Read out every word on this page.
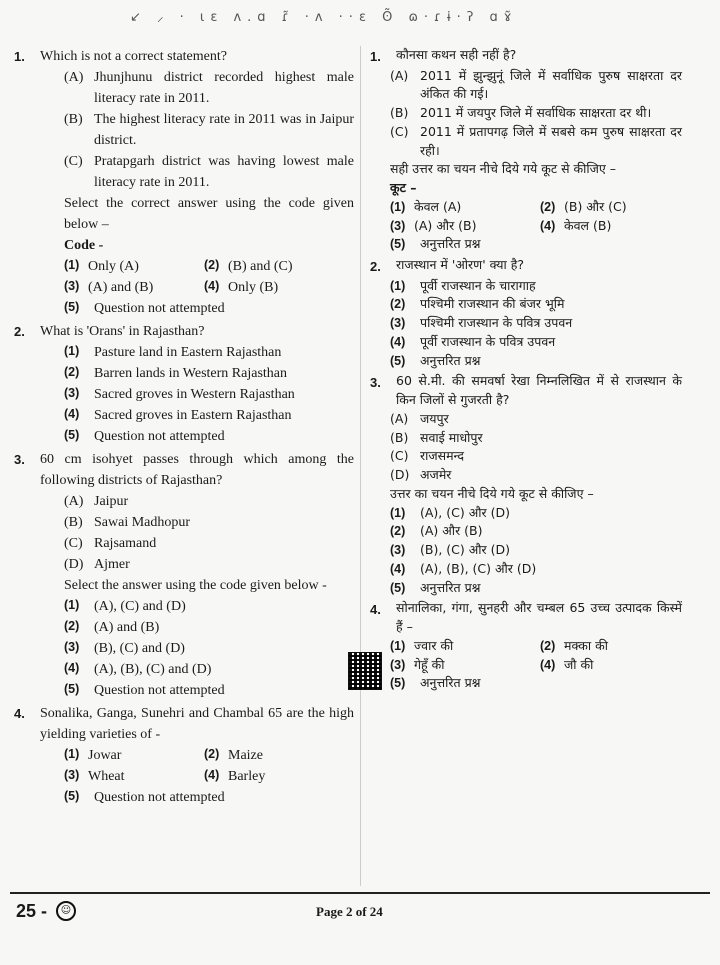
↙ ⸝ · ɩɛ ʌ.ɑ ɾ̃ ·ʌ ··ɛ ʘ̃ ɷ·ɾɨ·ʔ ɑɤ̃
1.	Which is not a correct statement?
(A) Jhunjhunu district recorded highest male literacy rate in 2011.
(B) The highest literacy rate in 2011 was in Jaipur district.
(C) Pratapgarh district was having lowest male literacy rate in 2011.
Select the correct answer using the code given below –
Code -
(1) Only (A)	(2) (B) and (C)
(3) (A) and (B)	(4) Only (B)
(5)	Question not attempted
2.	What is 'Orans' in Rajasthan?
(1)	Pasture land in Eastern Rajasthan
(2)	Barren lands in Western Rajasthan
(3)	Sacred groves in Western Rajasthan
(4)	Sacred groves in Eastern Rajasthan
(5)	Question not attempted
3.	60 cm isohyet passes through which among the following districts of Rajasthan?
(A) Jaipur
(B) Sawai Madhopur
(C) Rajsamand
(D) Ajmer
Select the answer using the code given below -
(1)	(A), (C) and (D)
(2)	(A) and (B)
(3)	(B), (C) and (D)
(4)	(A), (B), (C) and (D)
(5)	Question not attempted
4.	Sonalika, Ganga, Sunehri and Chambal 65 are the high yielding varieties of -
(1) Jowar	(2) Maize
(3) Wheat	(4) Barley
(5)	Question not attempted
1.	कौनसा कथन सही नहीं है?
(A) 2011 में झुन्झुनूं जिले में सर्वाधिक पुरुष साक्षरता दर अंकित की गई।
(B) 2011 में जयपुर जिले में सर्वाधिक साक्षरता दर थी।
(C) 2011 में प्रतापगढ़ जिले में सबसे कम पुरुष साक्षरता दर रही।
सही उत्तर का चयन नीचे दिये गये कूट से कीजिए –
कूट –
(1) केवल (A)	(2) (B) और (C)
(3) (A) और (B)	(4) केवल (B)
(5)	अनुत्तरित प्रश्न
2.	राजस्थान में 'ओरण' क्या है?
(1)	पूर्वी राजस्थान के चारागाह
(2)	पश्चिमी राजस्थान की बंजर भूमि
(3)	पश्चिमी राजस्थान के पवित्र उपवन
(4)	पूर्वी राजस्थान के पवित्र उपवन
(5)	अनुत्तरित प्रश्न
3.	60 से.मी. की समवर्षा रेखा निम्नलिखित में से राजस्थान के किन जिलों से गुजरती है?
(A) जयपुर
(B) सवाई माधोपुर
(C) राजसमन्द
(D) अजमेर
उत्तर का चयन नीचे दिये गये कूट से कीजिए –
(1)	(A), (C) और (D)
(2)	(A) और (B)
(3)	(B), (C) और (D)
(4)	(A), (B), (C) और (D)
(5)	अनुत्तरित प्रश्न
4.	सोनालिका, गंगा, सुनहरी और चम्बल 65 उच्च उत्पादक किस्में हैं –
(1) ज्वार की	(2) मक्का की
(3) गेहूँ की	(4) जौ की
(5)	अनुत्तरित प्रश्न
25 -	☺	Page 2 of 24
